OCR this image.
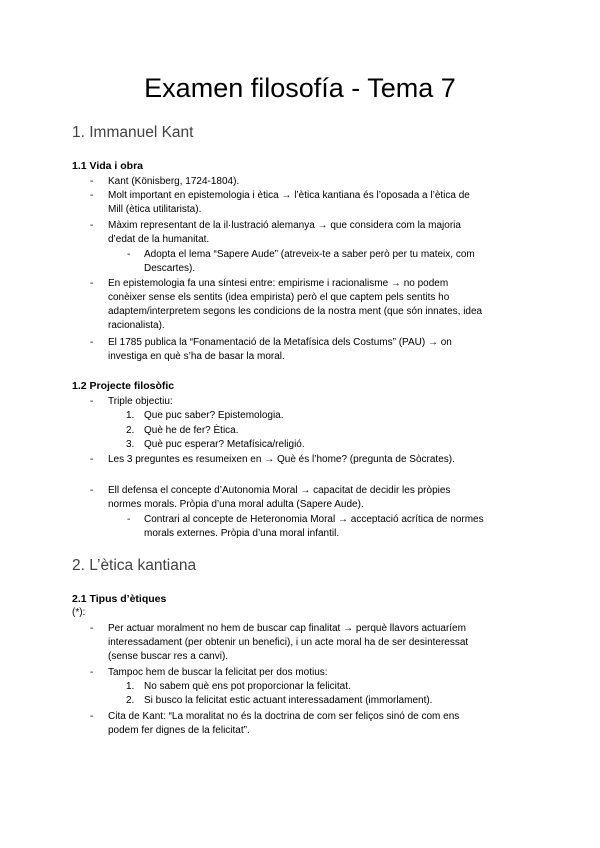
Examen filosofía - Tema 7
1. Immanuel Kant
1.1 Vida i obra
- Kant (Könisberg, 1724-1804).
- Molt important en epistemologia i ètica → l’ètica kantiana és l’oposada a l’ètica de
Mill (ètica utilitarista).
- Màxim representant de la il·lustració alemanya → que considera com la majoria
d’edat de la humanitat.
- Adopta el lema “Sapere Aude” (atreveix-te a saber però per tu mateix, com
Descartes).
- En epistemologia fa una síntesi entre: empirisme i racionalisme → no podem
conèixer sense els sentits (idea empirista) però el que captem pels sentits ho
adaptem/interpretem segons les condicions de la nostra ment (que són innates, idea
racionalista).
- El 1785 publica la “Fonamentació de la Metafísica dels Costums” (PAU) → on
investiga en què s’ha de basar la moral.
1.2 Projecte filosòfic
- Triple objectiu:
1. Que puc saber? Epistemologia.
2. Què he de fer? Ètica.
3. Què puc esperar? Metafísica/religió.
- Les 3 preguntes es resumeixen en → Què és l’home? (pregunta de Sòcrates).
- Ell defensa el concepte d’Autonomia Moral → capacitat de decidir les pròpies
normes morals. Pròpia d’una moral adulta (Sapere Aude).
- Contrari al concepte de Heteronomia Moral → acceptació acrítica de normes
morals externes. Pròpia d’una moral infantil.
2. L’ètica kantiana
2.1 Tipus d’ètiques
(*):
- Per actuar moralment no hem de buscar cap finalitat → perquè llavors actuaríem
interessadament (per obtenir un benefici), i un acte moral ha de ser desinteressat
(sense buscar res a canvi).
- Tampoc hem de buscar la felicitat per dos motius:
1. No sabem què ens pot proporcionar la felicitat.
2. Si busco la felicitat estic actuant interessadament (immorlament).
- Cita de Kant: “La moralitat no és la doctrina de com ser feliços sinó de com ens
podem fer dignes de la felicitat”.
